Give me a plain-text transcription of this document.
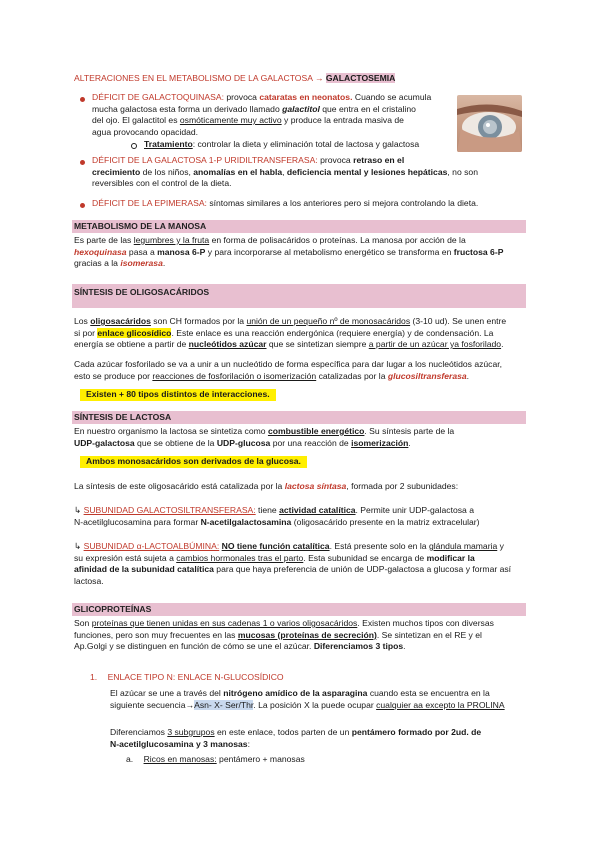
ALTERACIONES EN EL METABOLISMO DE LA GALACTOSA → GALACTOSEMIA
DÉFICIT DE GALACTOQUINASA: provoca cataratas en neonatos. Cuando se acumula
mucha galactosa esta forma un derivado llamado galactitol que entra en el cristalino
del ojo. El galactitol es osmóticamente muy activo y produce la entrada masiva de
agua provocando opacidad.
Tratamiento: controlar la dieta y eliminación total de lactosa y galactosa
DÉFICIT DE LA GALACTOSA 1-P URIDILTRANSFERASA: provoca retraso en el
crecimiento de los niños, anomalías en el habla, deficiencia mental y lesiones hepáticas, no son
reversibles con el control de la dieta.
DÉFICIT DE LA EPIMERASA: síntomas similares a los anteriores pero si mejora controlando la dieta.
METABOLISMO DE LA MANOSA
Es parte de las legumbres y la fruta en forma de polisacáridos o proteínas. La manosa por acción de la
hexoquinasa pasa a manosa 6-P y para incorporarse al metabolismo energético se transforma en fructosa 6-P
gracias a la isomerasa.
SÍNTESIS DE OLIGOSACÁRIDOS
Los oligosacáridos son CH formados por la unión de un pequeño nº de monosacáridos (3-10 ud). Se unen entre
si por enlace glicosídico. Este enlace es una reacción endergónica (requiere energía) y de condensación. La
energía se obtiene a partir de nucleótidos azúcar que se sintetizan siempre a partir de un azúcar ya fosforilado.
Cada azúcar fosforilado se va a unir a un nucleótido de forma específica para dar lugar a los nucleótidos azúcar,
esto se produce por reacciones de fosforilación o isomerización catalizadas por la glucosiltransferasa.
Existen + 80 tipos distintos de interacciones.
SÍNTESIS DE LACTOSA
En nuestro organismo la lactosa se sintetiza como combustible energético. Su síntesis parte de la
UDP-galactosa que se obtiene de la UDP-glucosa por una reacción de isomerización.
Ambos monosacáridos son derivados de la glucosa.
La síntesis de este oligosacárido está catalizada por la lactosa síntasa, formada por 2 subunidades:
↳ SUBUNIDAD GALACTOSILTRANSFERASA: tiene actividad catalítica. Permite unir UDP-galactosa a
N-acetilglucosamina para formar N-acetilgalactosamina (oligosacárido presente en la matriz extracelular)
↳ SUBUNIDAD α-LACTOALBÚMINA: NO tiene función catalítica. Está presente solo en la glándula mamaria y
su expresión está sujeta a cambios hormonales tras el parto. Esta subunidad se encarga de modificar la
afinidad de la subunidad catalítica para que haya preferencia de unión de UDP-galactosa a glucosa y formar así
lactosa.
GLICOPROTEÍNAS
Son proteínas que tienen unidas en sus cadenas 1 o varios oligosacáridos. Existen muchos tipos con diversas
funciones, pero son muy frecuentes en las mucosas (proteínas de secreción). Se sintetizan en el RE y el
Ap.Golgi y se distinguen en función de cómo se une el azúcar. Diferenciamos 3 tipos.
1. ENLACE TIPO N: ENLACE N-GLUCOSÍDICO
El azúcar se une a través del nitrógeno amídico de la asparagina cuando esta se encuentra en la
siguiente secuencia→Asn- X- Ser/Thr. La posición X la puede ocupar cualquier aa excepto la PROLINA
Diferenciamos 3 subgrupos en este enlace, todos parten de un pentámero formado por 2ud. de
N-acetilglucosamina y 3 manosas:
a. Ricos en manosas: pentámero + manosas
